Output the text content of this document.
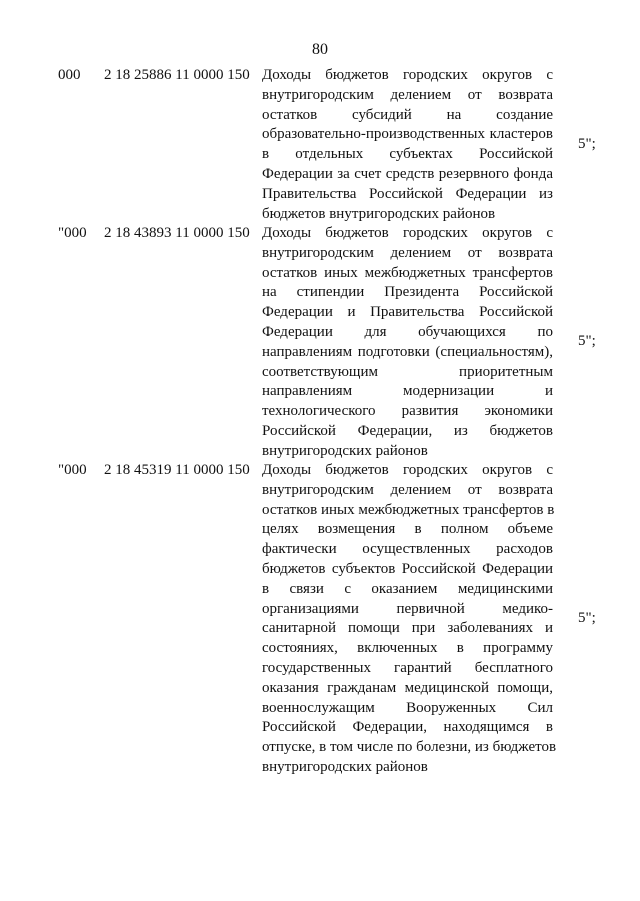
80
000 2 18 25886 11 0000 150 Доходы бюджетов городских округов с
внутригородским делением от возврата
остатков субсидий на создание
образовательно-производственных кластеров
в отдельных субъектах Российской
Федерации за счет средств резервного фонда
Правительства Российской Федерации из
бюджетов внутригородских районов
5";
"000 2 18 43893 11 0000 150 Доходы бюджетов городских округов с
внутригородским делением от возврата
остатков иных межбюджетных трансфертов
на стипендии Президента Российской
Федерации и Правительства Российской
Федерации для обучающихся по
направлениям подготовки (специальностям),
соответствующим приоритетным
направлениям модернизации и
технологического развития экономики
Российской Федерации, из бюджетов
внутригородских районов
5";
"000 2 18 45319 11 0000 150 Доходы бюджетов городских округов с
внутригородским делением от возврата
остатков иных межбюджетных трансфертов в
целях возмещения в полном объеме
фактически осуществленных расходов
бюджетов субъектов Российской Федерации
в связи с оказанием медицинскими
организациями первичной медико-
санитарной помощи при заболеваниях и
состояниях, включенных в программу
государственных гарантий бесплатного
оказания гражданам медицинской помощи,
военнослужащим Вооруженных Сил
Российской Федерации, находящимся в
отпуске, в том числе по болезни, из бюджетов
внутригородских районов
5";
